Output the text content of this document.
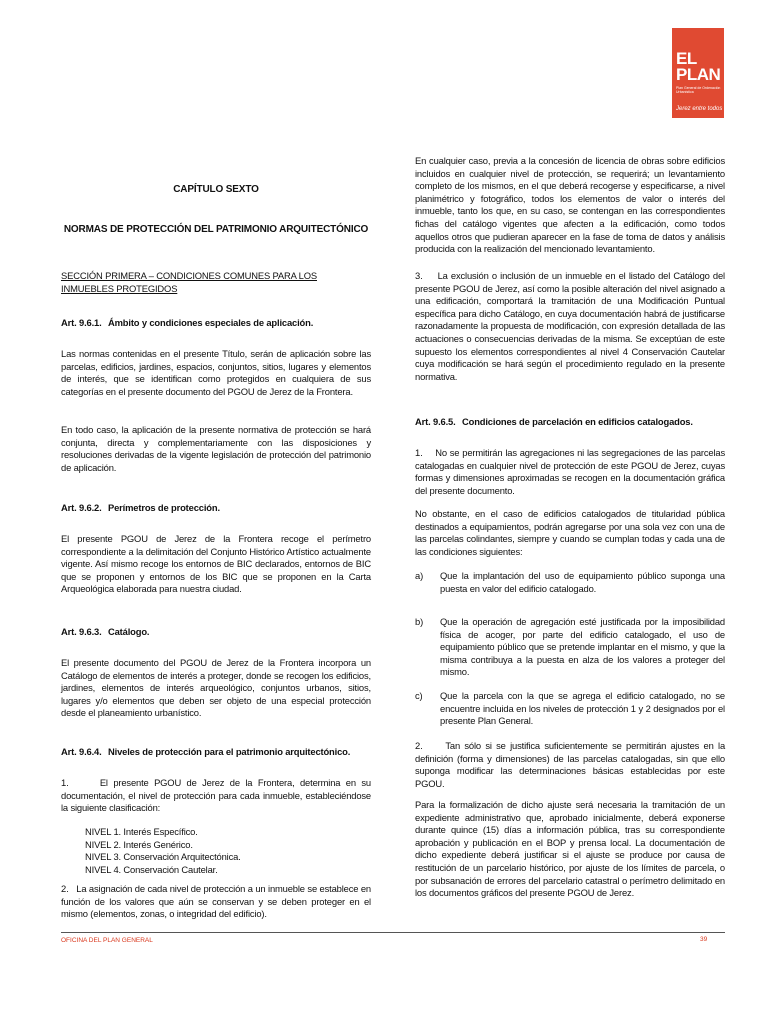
EL
PLAN
Plan General de Ordenación Urbanística
Jerez entre todos
CAPÍTULO SEXTO
NORMAS DE PROTECCIÓN DEL PATRIMONIO ARQUITECTÓNICO
SECCIÓN PRIMERA – CONDICIONES COMUNES PARA LOS INMUEBLES PROTEGIDOS
Art. 9.6.1. Ámbito y condiciones especiales de aplicación.

Las normas contenidas en el presente Título, serán de aplicación sobre las parcelas, edificios, jardines, espacios, conjuntos, sitios, lugares y elementos de interés, que se identifican como protegidos en cualquiera de sus categorías en el presente documento del PGOU de Jerez de la Frontera.

En todo caso, la aplicación de la presente normativa de protección se hará conjunta, directa y complementariamente con las disposiciones y resoluciones derivadas de la vigente legislación de protección del patrimonio de aplicación.

Art. 9.6.2. Perímetros de protección.

El presente PGOU de Jerez de la Frontera recoge el perímetro correspondiente a la delimitación del Conjunto Histórico Artístico actualmente vigente. Así mismo recoge los entornos de BIC declarados, entornos de BIC que se proponen y entornos de los BIC que se proponen en la Carta Arqueológica elaborada para nuestra ciudad.

Art. 9.6.3. Catálogo.

El presente documento del PGOU de Jerez de la Frontera incorpora un Catálogo de elementos de interés a proteger, donde se recogen los edificios, jardines, elementos de interés arqueológico, conjuntos urbanos, sitios, lugares y/o elementos que deben ser objeto de una especial protección desde el planeamiento urbanístico.

Art. 9.6.4. Niveles de protección para el patrimonio arquitectónico.
1.	El presente PGOU de Jerez de la Frontera, determina en su documentación, el nivel de protección para cada inmueble, estableciéndose la siguiente clasificación:
NIVEL 1. Interés Específico.
NIVEL 2. Interés Genérico.
NIVEL 3. Conservación Arquitectónica.
NIVEL 4. Conservación Cautelar.
2. La asignación de cada nivel de protección a un inmueble se establece en función de los valores que aún se conservan y se deben proteger en el mismo (elementos, zonas, o integridad del edificio).

En cualquier caso, previa a la concesión de licencia de obras sobre edificios incluidos en cualquier nivel de protección, se requerirá; un levantamiento completo de los mismos, en el que deberá recogerse y especificarse, a nivel planimétrico y fotográfico, todos los elementos de valor o interés del inmueble, tanto los que, en su caso, se contengan en las correspondientes fichas del catálogo vigentes que afecten a la edificación, como todos aquellos otros que pudieran aparecer en la fase de toma de datos y análisis producida con la realización del mencionado levantamiento.

3.	La exclusión o inclusión de un inmueble en el listado del Catálogo del presente PGOU de Jerez, así como la posible alteración del nivel asignado a una edificación, comportará la tramitación de una Modificación Puntual específica para dicho Catálogo, en cuya documentación habrá de justificarse razonadamente la propuesta de modificación, con expresión detallada de las actuaciones o consecuencias derivadas de la misma. Se exceptúan de este supuesto los elementos correspondientes al nivel 4 Conservación Cautelar cuya modificación se hará según el procedimiento regulado en la presente normativa.
Art. 9.6.5. Condiciones de parcelación en edificios catalogados.
1.	No se permitirán las agregaciones ni las segregaciones de las parcelas catalogadas en cualquier nivel de protección de este PGOU de Jerez, cuyas formas y dimensiones aproximadas se recogen en la documentación gráfica del presente documento.

No obstante, en el caso de edificios catalogados de titularidad pública destinados a equipamientos, podrán agregarse por una sola vez con una de las parcelas colindantes, siempre y cuando se cumplan todas y cada una de las condiciones siguientes:

a) Que la implantación del uso de equipamiento público suponga una puesta en valor del edificio catalogado.
b) Que la operación de agregación esté justificada por la imposibilidad física de acoger, por parte del edificio catalogado, el uso de equipamiento público que se pretende implantar en el mismo, y que la misma contribuya a la puesta en alza de los valores a proteger del mismo.
c) Que la parcela con la que se agrega el edificio catalogado, no se encuentre incluida en los niveles de protección 1 y 2 designados por el presente Plan General.
2.	Tan sólo si se justifica suficientemente se permitirán ajustes en la definición (forma y dimensiones) de las parcelas catalogadas, sin que ello suponga modificar las determinaciones básicas establecidas por este PGOU.

Para la formalización de dicho ajuste será necesaria la tramitación de un expediente administrativo que, aprobado inicialmente, deberá exponerse durante quince (15) días a información pública, tras su correspondiente aprobación y publicación en el BOP y prensa local. La documentación de dicho expediente deberá justificar si el ajuste se produce por causa de restitución de un parcelario histórico, por ajuste de los límites de parcela, o por subsanación de errores del parcelario catastral o perímetro delimitado en los documentos gráficos del presente PGOU de Jerez.

OFICINA DEL PLAN GENERAL	39
